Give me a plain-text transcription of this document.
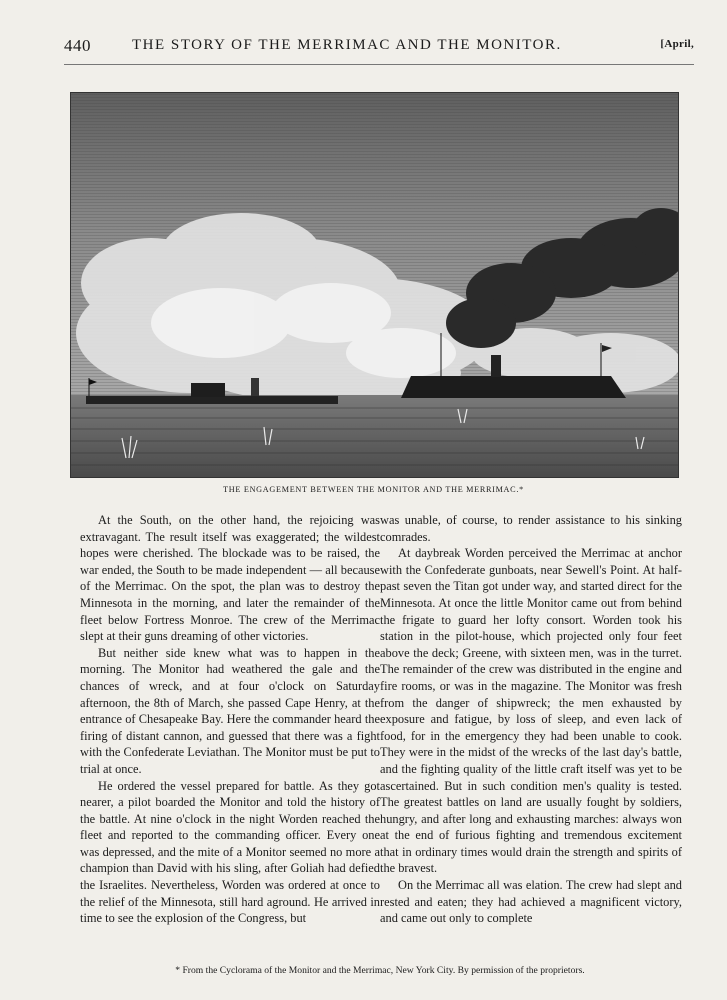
440	THE STORY OF THE MERRIMAC AND THE MONITOR.	[April,
THE ENGAGEMENT BETWEEN THE MONITOR AND THE MERRIMAC.*

At the South, on the other hand, the rejoicing was extravagant. The result itself was exaggerated; the wildest hopes were cherished. The blockade was to be raised, the war ended, the South to be made independent — all because of the Merrimac. On the spot, the plan was to destroy the Minnesota in the morning, and later the remainder of the fleet below Fortress Monroe. The crew of the Merrimac slept at their guns dreaming of other victories.

But neither side knew what was to happen in the morning. The Monitor had weathered the gale and the chances of wreck, and at four o'clock on Saturday afternoon, the 8th of March, she passed Cape Henry, at the entrance of Chesapeake Bay. Here the commander heard the firing of distant cannon, and guessed that there was a fight with the Confederate Leviathan. The Monitor must be put to trial at once.

He ordered the vessel prepared for battle. As they got nearer, a pilot boarded the Monitor and told the history of the battle. At nine o'clock in the night Worden reached the fleet and reported to the commanding officer. Every one was depressed, and the mite of a Monitor seemed no more a champion than David with his sling, after Goliah had defied the Israelites. Nevertheless, Worden was ordered at once to the relief of the Minnesota, still hard aground. He arrived in time to see the explosion of the Congress, but

was unable, of course, to render assistance to his sinking comrades.

At daybreak Worden perceived the Merrimac at anchor with the Confederate gunboats, near Sewell's Point. At half-past seven the Titan got under way, and started direct for the Minnesota. At once the little Monitor came out from behind the frigate to guard her lofty consort. Worden took his station in the pilot-house, which projected only four feet above the deck; Greene, with sixteen men, was in the turret. The remainder of the crew was distributed in the engine and fire rooms, or was in the magazine. The Monitor was fresh from the danger of shipwreck; the men exhausted by exposure and fatigue, by loss of sleep, and even lack of food, for in the emergency they had been unable to cook. They were in the midst of the wrecks of the last day's battle, and the fighting quality of the little craft itself was yet to be ascertained. But in such condition men's quality is tested. The greatest battles on land are usually fought by soldiers, hungry, and after long and exhausting marches: always won at the end of furious fighting and tremendous excitement that in ordinary times would drain the strength and spirits of the bravest.

On the Merrimac all was elation. The crew had slept and rested and eaten; they had achieved a magnificent victory, and came out only to complete

* From the Cyclorama of the Monitor and the Merrimac, New York City. By permission of the proprietors.
